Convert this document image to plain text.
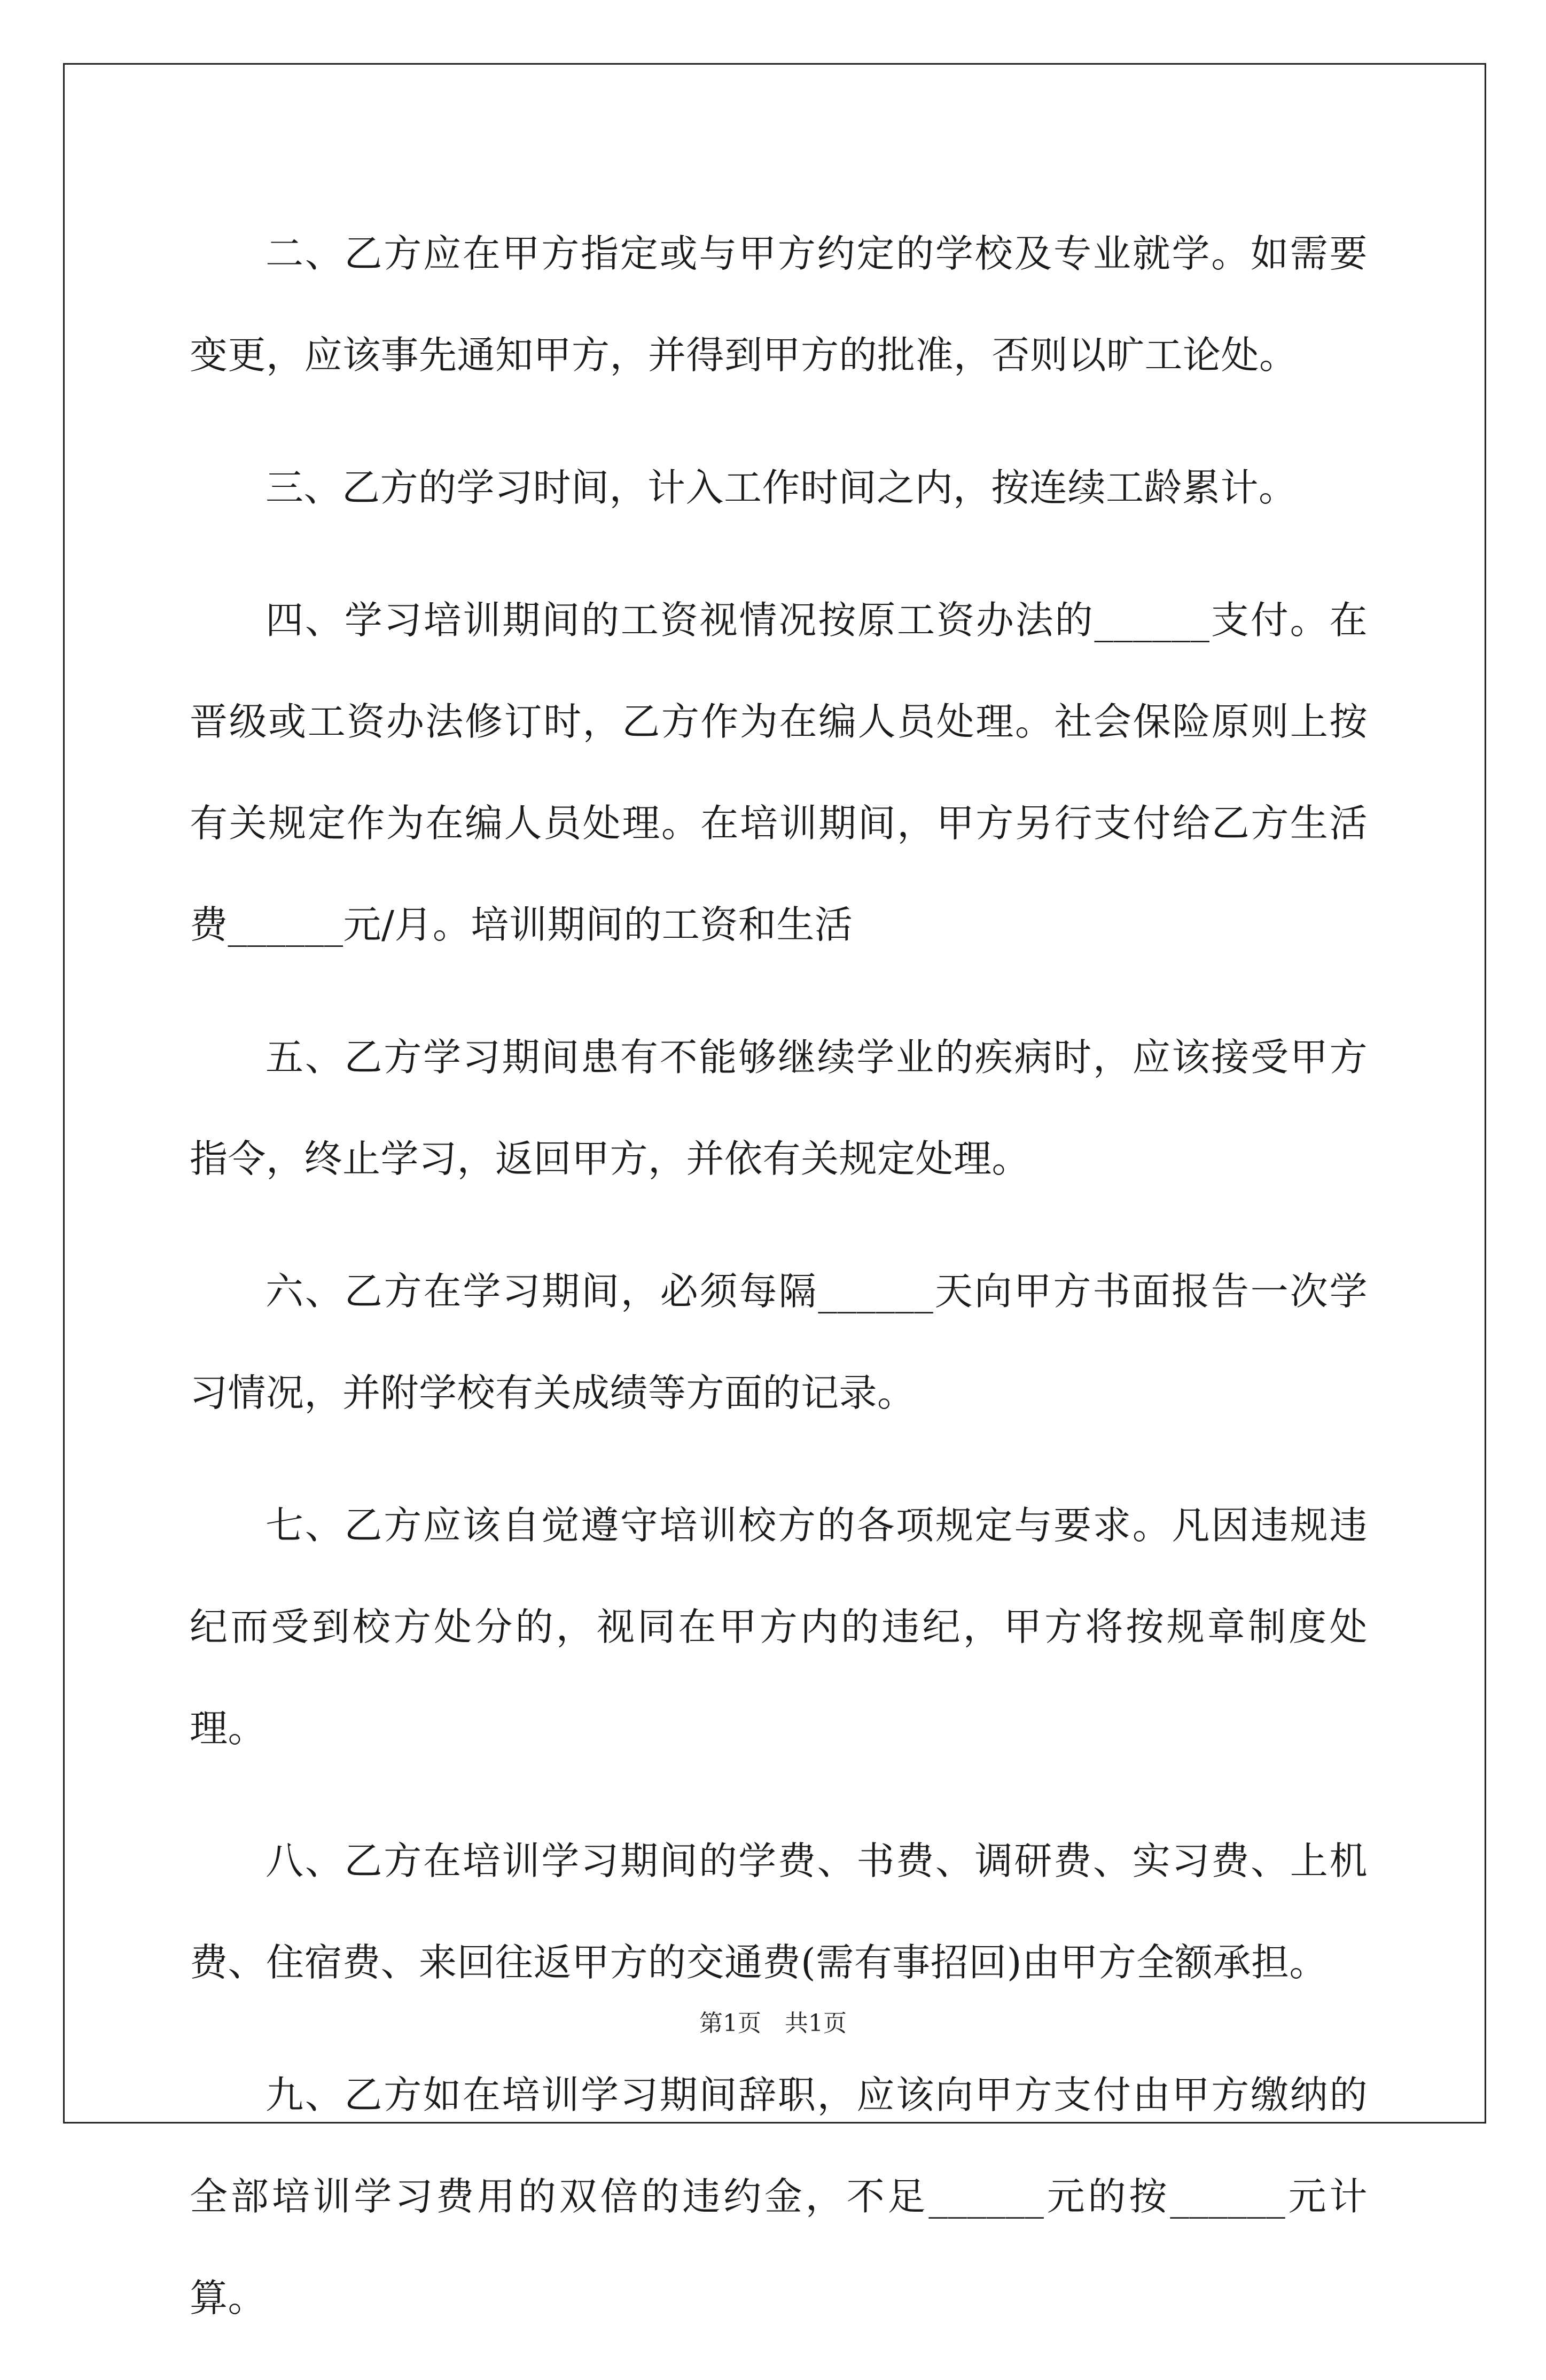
二、乙方应在甲方指定或与甲方约定的学校及专业就学。如需要变更，应该事先通知甲方，并得到甲方的批准，否则以旷工论处。

三、乙方的学习时间，计入工作时间之内，按连续工龄累计。

四、学习培训期间的工资视情况按原工资办法的______支付。在晋级或工资办法修订时，乙方作为在编人员处理。社会保险原则上按有关规定作为在编人员处理。在培训期间，甲方另行支付给乙方生活费______元/月。培训期间的工资和生活

五、乙方学习期间患有不能够继续学业的疾病时，应该接受甲方指令，终止学习，返回甲方，并依有关规定处理。

六、乙方在学习期间，必须每隔______天向甲方书面报告一次学习情况，并附学校有关成绩等方面的记录。

七、乙方应该自觉遵守培训校方的各项规定与要求。凡因违规违纪而受到校方处分的，视同在甲方内的违纪，甲方将按规章制度处理。

八、乙方在培训学习期间的学费、书费、调研费、实习费、上机费、住宿费、来回往返甲方的交通费(需有事招回)由甲方全额承担。

九、乙方如在培训学习期间辞职，应该向甲方支付由甲方缴纳的全部培训学习费用的双倍的违约金，不足______元的按______元计算。

第1页　共1页
